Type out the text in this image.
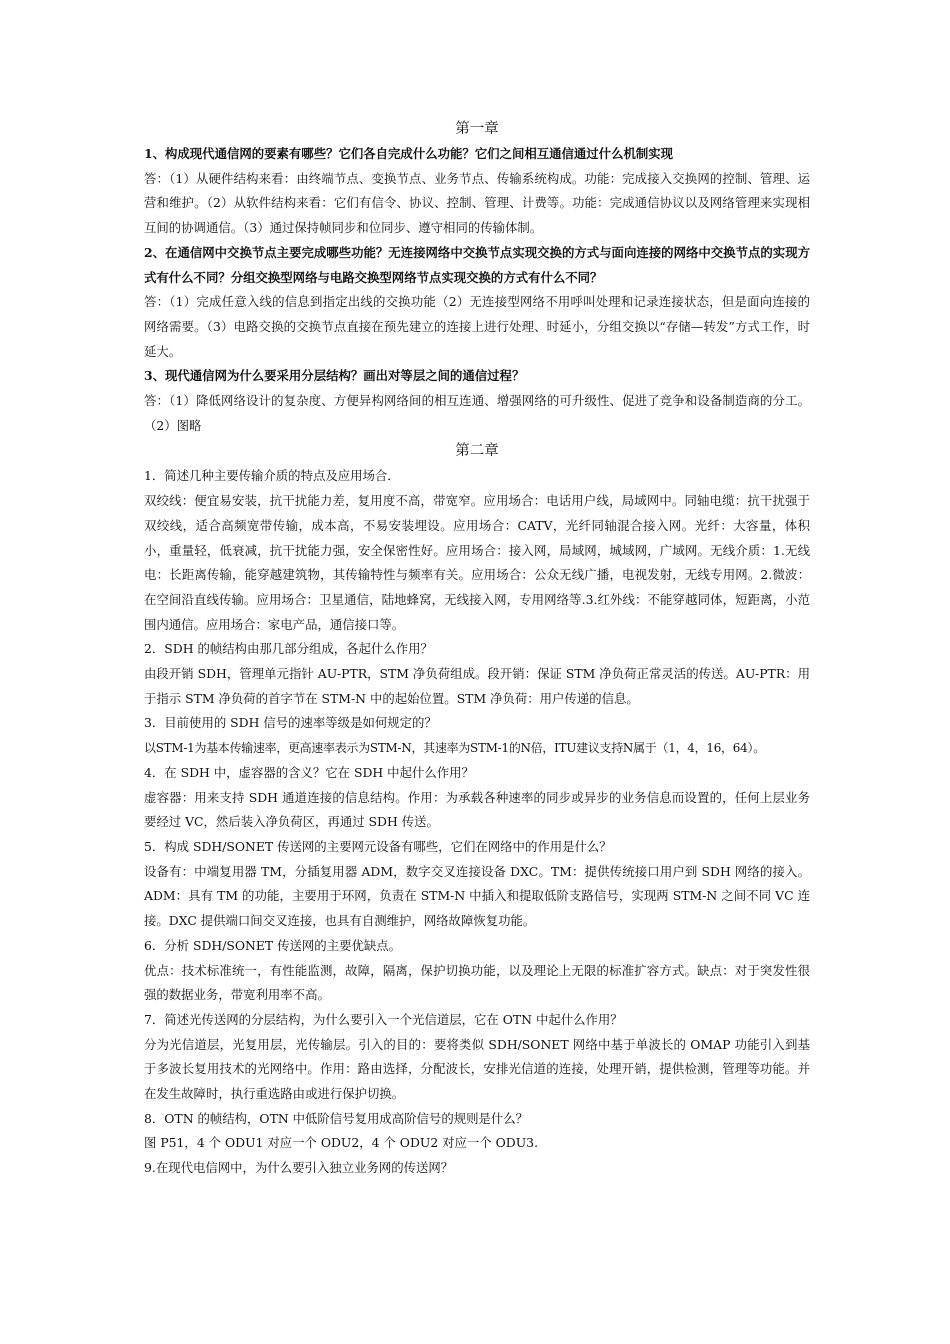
第一章
1、构成现代通信网的要素有哪些？它们各自完成什么功能？它们之间相互通信通过什么机制实现
答：（1）从硬件结构来看：由终端节点、变换节点、业务节点、传输系统构成。功能：完成接入交换网的控制、管理、运营和维护。（2）从软件结构来看：它们有信令、协议、控制、管理、计费等。功能：完成通信协议以及网络管理来实现相互间的协调通信。（3）通过保持帧同步和位同步、遵守相同的传输体制。
2、在通信网中交换节点主要完成哪些功能？无连接网络中交换节点实现交换的方式与面向连接的网络中交换节点的实现方式有什么不同？分组交换型网络与电路交换型网络节点实现交换的方式有什么不同？
答：（1）完成任意入线的信息到指定出线的交换功能（2）无连接型网络不用呼叫处理和记录连接状态，但是面向连接的网络需要。（3）电路交换的交换节点直接在预先建立的连接上进行处理、时延小，分组交换以“存储—转发”方式工作，时延大。
3、现代通信网为什么要采用分层结构？画出对等层之间的通信过程？
答：（1）降低网络设计的复杂度、方便异构网络间的相互连通、增强网络的可升级性、促进了竞争和设备制造商的分工。（2）图略
第二章
1．简述几种主要传输介质的特点及应用场合．
双绞线：便宜易安装，抗干扰能力差，复用度不高，带宽窄。应用场合：电话用户线，局域网中。同轴电缆：抗干扰强于双绞线，适合高频宽带传输，成本高，不易安装埋设。应用场合：CATV，光纤同轴混合接入网。光纤：大容量，体积小，重量轻，低衰减，抗干扰能力强，安全保密性好。应用场合：接入网，局域网，城域网，广域网。无线介质：1.无线电：长距离传输，能穿越建筑物，其传输特性与频率有关。应用场合：公众无线广播，电视发射，无线专用网。2.微波：在空间沿直线传输。应用场合：卫星通信，陆地蜂窝，无线接入网，专用网络等.3.红外线：不能穿越同体，短距离，小范围内通信。应用场合：家电产品，通信接口等。
2．SDH 的帧结构由那几部分组成，各起什么作用？
由段开销 SDH，管理单元指针 AU-PTR，STM 净负荷组成。段开销：保证 STM 净负荷正常灵活的传送。AU-PTR：用于指示 STM 净负荷的首字节在 STM-N 中的起始位置。STM 净负荷：用户传递的信息。
3．目前使用的 SDH 信号的速率等级是如何规定的？
以STM-1为基本传输速率，更高速率表示为STM-N，其速率为STM-1的N倍，ITU建议支持N属于（1，4，16，64）。
4．在 SDH 中，虚容器的含义？它在 SDH 中起什么作用？
虚容器：用来支持 SDH 通道连接的信息结构。作用：为承载各种速率的同步或异步的业务信息而设置的，任何上层业务要经过 VC，然后装入净负荷区，再通过 SDH 传送。
5．构成 SDH/SONET 传送网的主要网元设备有哪些，它们在网络中的作用是什么？
设备有：中端复用器 TM，分插复用器 ADM，数字交叉连接设备 DXC。TM：提供传统接口用户到 SDH 网络的接入。ADM：具有 TM 的功能，主要用于环网，负责在 STM-N 中插入和提取低阶支路信号，实现两 STM-N 之间不同 VC 连接。DXC 提供端口间交叉连接，也具有自测维护，网络故障恢复功能。
6．分析 SDH/SONET 传送网的主要优缺点。
优点：技术标准统一，有性能监测，故障，隔离，保护切换功能，以及理论上无限的标准扩容方式。缺点：对于突发性很强的数据业务，带宽利用率不高。
7．简述光传送网的分层结构，为什么要引入一个光信道层，它在 OTN 中起什么作用？
分为光信道层，光复用层，光传输层。引入的目的：要将类似 SDH/SONET 网络中基于单波长的 OMAP 功能引入到基于多波长复用技术的光网络中。作用：路由选择，分配波长，安排光信道的连接，处理开销，提供检测，管理等功能。并在发生故障时，执行重选路由或进行保护切换。
8．OTN 的帧结构，OTN 中低阶信号复用成高阶信号的规则是什么？
图 P51，4 个 ODU1 对应一个 ODU2，4 个 ODU2 对应一个 ODU3.
9.在现代电信网中，为什么要引入独立业务网的传送网？
